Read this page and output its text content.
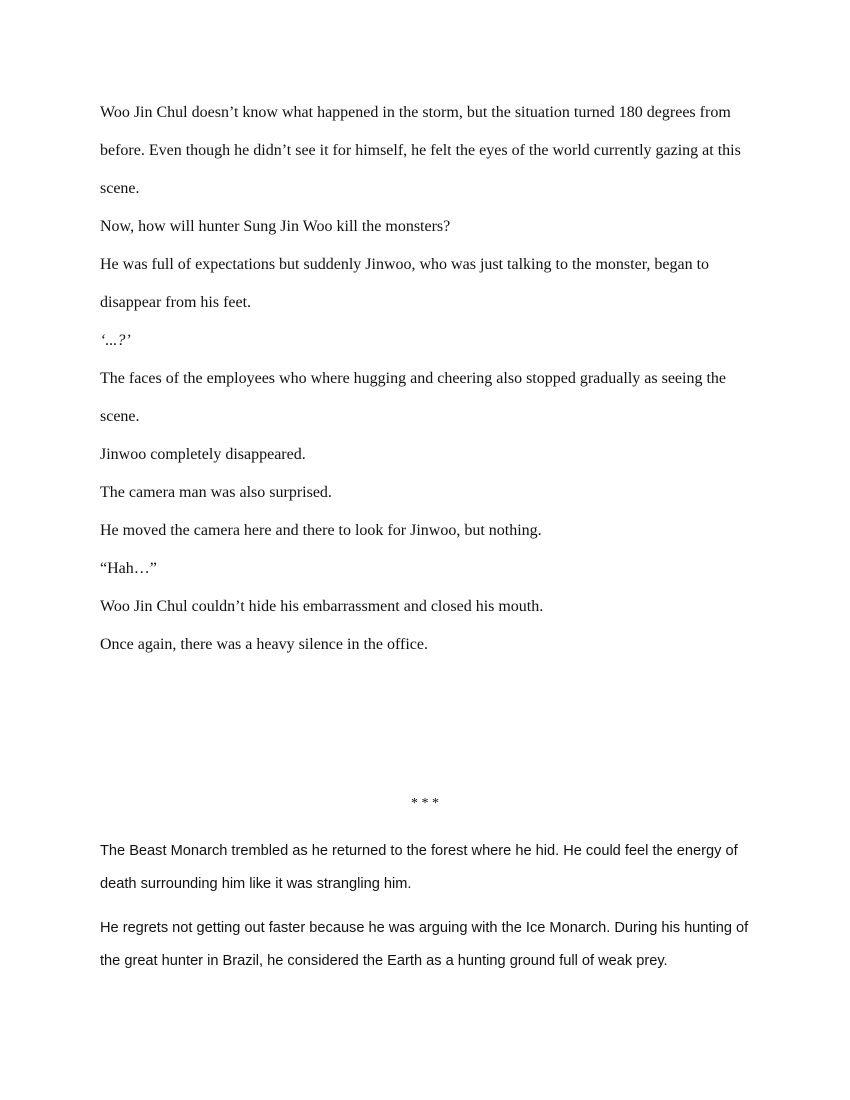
Woo Jin Chul doesn’t know what happened in the storm, but the situation turned 180 degrees from before. Even though he didn’t see it for himself, he felt the eyes of the world currently gazing at this scene.

Now, how will hunter Sung Jin Woo kill the monsters?

He was full of expectations but suddenly Jinwoo, who was just talking to the monster, began to disappear from his feet.

‘...?’

The faces of the employees who where hugging and cheering also stopped gradually as seeing the scene.

Jinwoo completely disappeared.

The camera man was also surprised.

He moved the camera here and there to look for Jinwoo, but nothing.

“Hah…”

Woo Jin Chul couldn’t hide his embarrassment and closed his mouth.

Once again, there was a heavy silence in the office.

* * *

The Beast Monarch trembled as he returned to the forest where he hid. He could feel the energy of death surrounding him like it was strangling him.

He regrets not getting out faster because he was arguing with the Ice Monarch. During his hunting of the great hunter in Brazil, he considered the Earth as a hunting ground full of weak prey.
